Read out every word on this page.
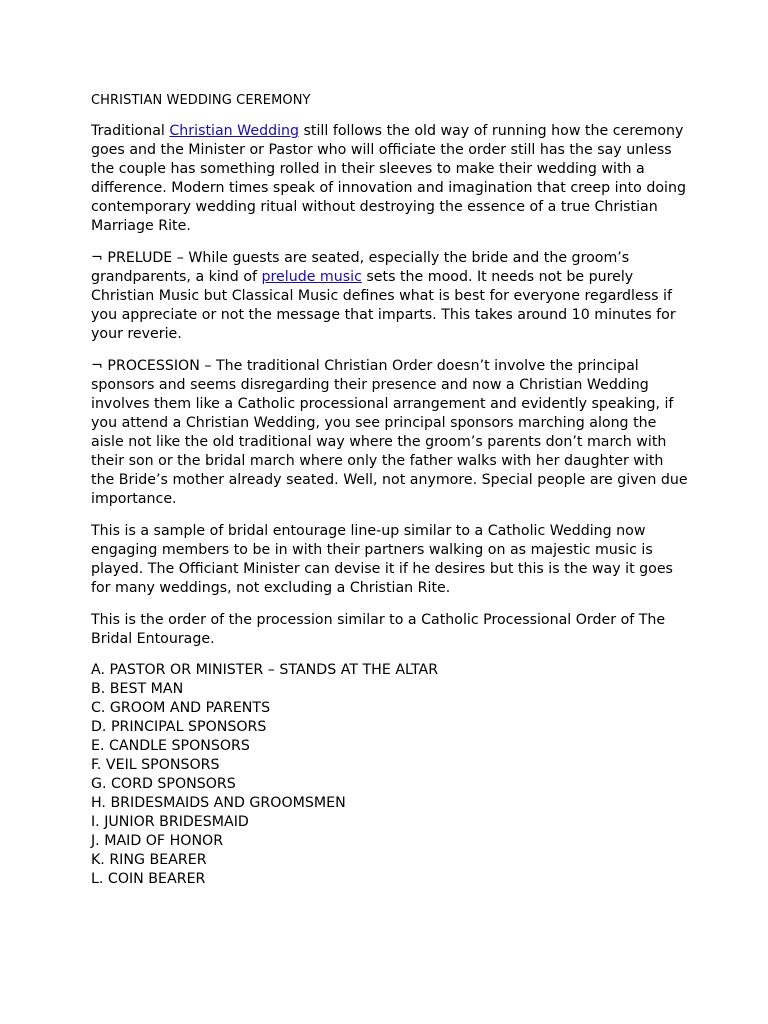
CHRISTIAN WEDDING CEREMONY

Traditional Christian Wedding still follows the old way of running how the ceremony goes and the Minister or Pastor who will officiate the order still has the say unless the couple has something rolled in their sleeves to make their wedding with a difference. Modern times speak of innovation and imagination that creep into doing contemporary wedding ritual without destroying the essence of a true Christian Marriage Rite.

¬ PRELUDE – While guests are seated, especially the bride and the groom’s grandparents, a kind of prelude music sets the mood. It needs not be purely Christian Music but Classical Music defines what is best for everyone regardless if you appreciate or not the message that imparts. This takes around 10 minutes for your reverie.

¬ PROCESSION – The traditional Christian Order doesn’t involve the principal sponsors and seems disregarding their presence and now a Christian Wedding involves them like a Catholic processional arrangement and evidently speaking, if you attend a Christian Wedding, you see principal sponsors marching along the aisle not like the old traditional way where the groom’s parents don’t march with their son or the bridal march where only the father walks with her daughter with the Bride’s mother already seated. Well, not anymore. Special people are given due importance.

This is a sample of bridal entourage line-up similar to a Catholic Wedding now engaging members to be in with their partners walking on as majestic music is played. The Officiant Minister can devise it if he desires but this is the way it goes for many weddings, not excluding a Christian Rite.

This is the order of the procession similar to a Catholic Processional Order of The Bridal Entourage.

A. PASTOR OR MINISTER – STANDS AT THE ALTAR
B. BEST MAN
C. GROOM AND PARENTS
D. PRINCIPAL SPONSORS
E. CANDLE SPONSORS
F. VEIL SPONSORS
G. CORD SPONSORS
H. BRIDESMAIDS AND GROOMSMEN
I. JUNIOR BRIDESMAID
J. MAID OF HONOR
K. RING BEARER
L. COIN BEARER
